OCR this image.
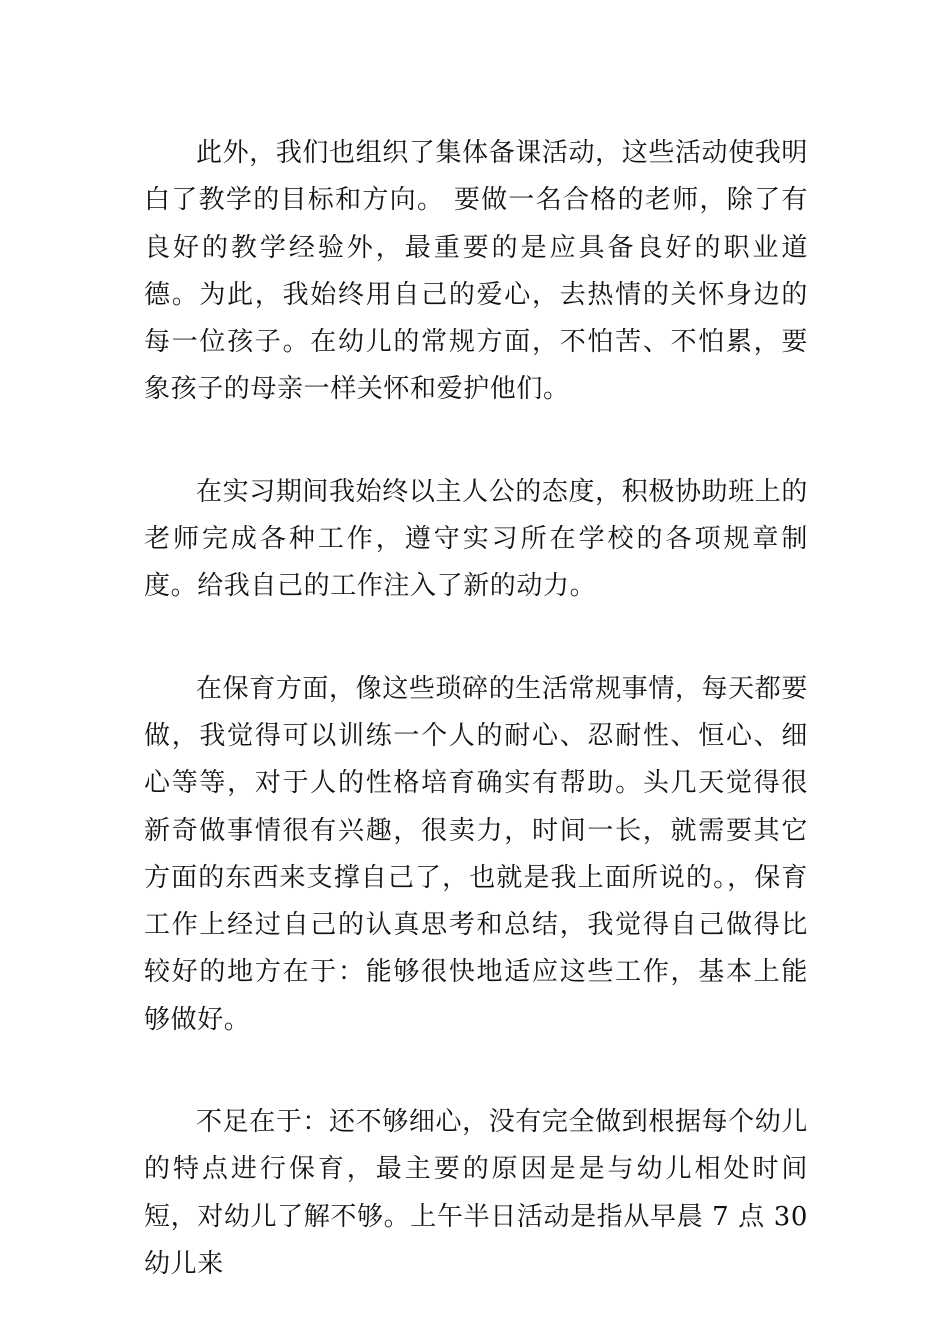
此外，我们也组织了集体备课活动，这些活动使我明白了教学的目标和方向。 要做一名合格的老师，除了有良好的教学经验外，最重要的是应具备良好的职业道德。为此，我始终用自己的爱心，去热情的关怀身边的每一位孩子。在幼儿的常规方面，不怕苦、不怕累，要象孩子的母亲一样关怀和爱护他们。

在实习期间我始终以主人公的态度，积极协助班上的老师完成各种工作，遵守实习所在学校的各项规章制度。给我自己的工作注入了新的动力。

在保育方面，像这些琐碎的生活常规事情，每天都要做，我觉得可以训练一个人的耐心、忍耐性、恒心、细心等等，对于人的性格培育确实有帮助。头几天觉得很新奇做事情很有兴趣，很卖力，时间一长，就需要其它方面的东西来支撑自己了，也就是我上面所说的。，保育工作上经过自己的认真思考和总结，我觉得自己做得比较好的地方在于：能够很快地适应这些工作，基本上能够做好。

不足在于：还不够细心，没有完全做到根据每个幼儿的特点进行保育，最主要的原因是是与幼儿相处时间短，对幼儿了解不够。上午半日活动是指从早晨 7 点 30 幼儿来
